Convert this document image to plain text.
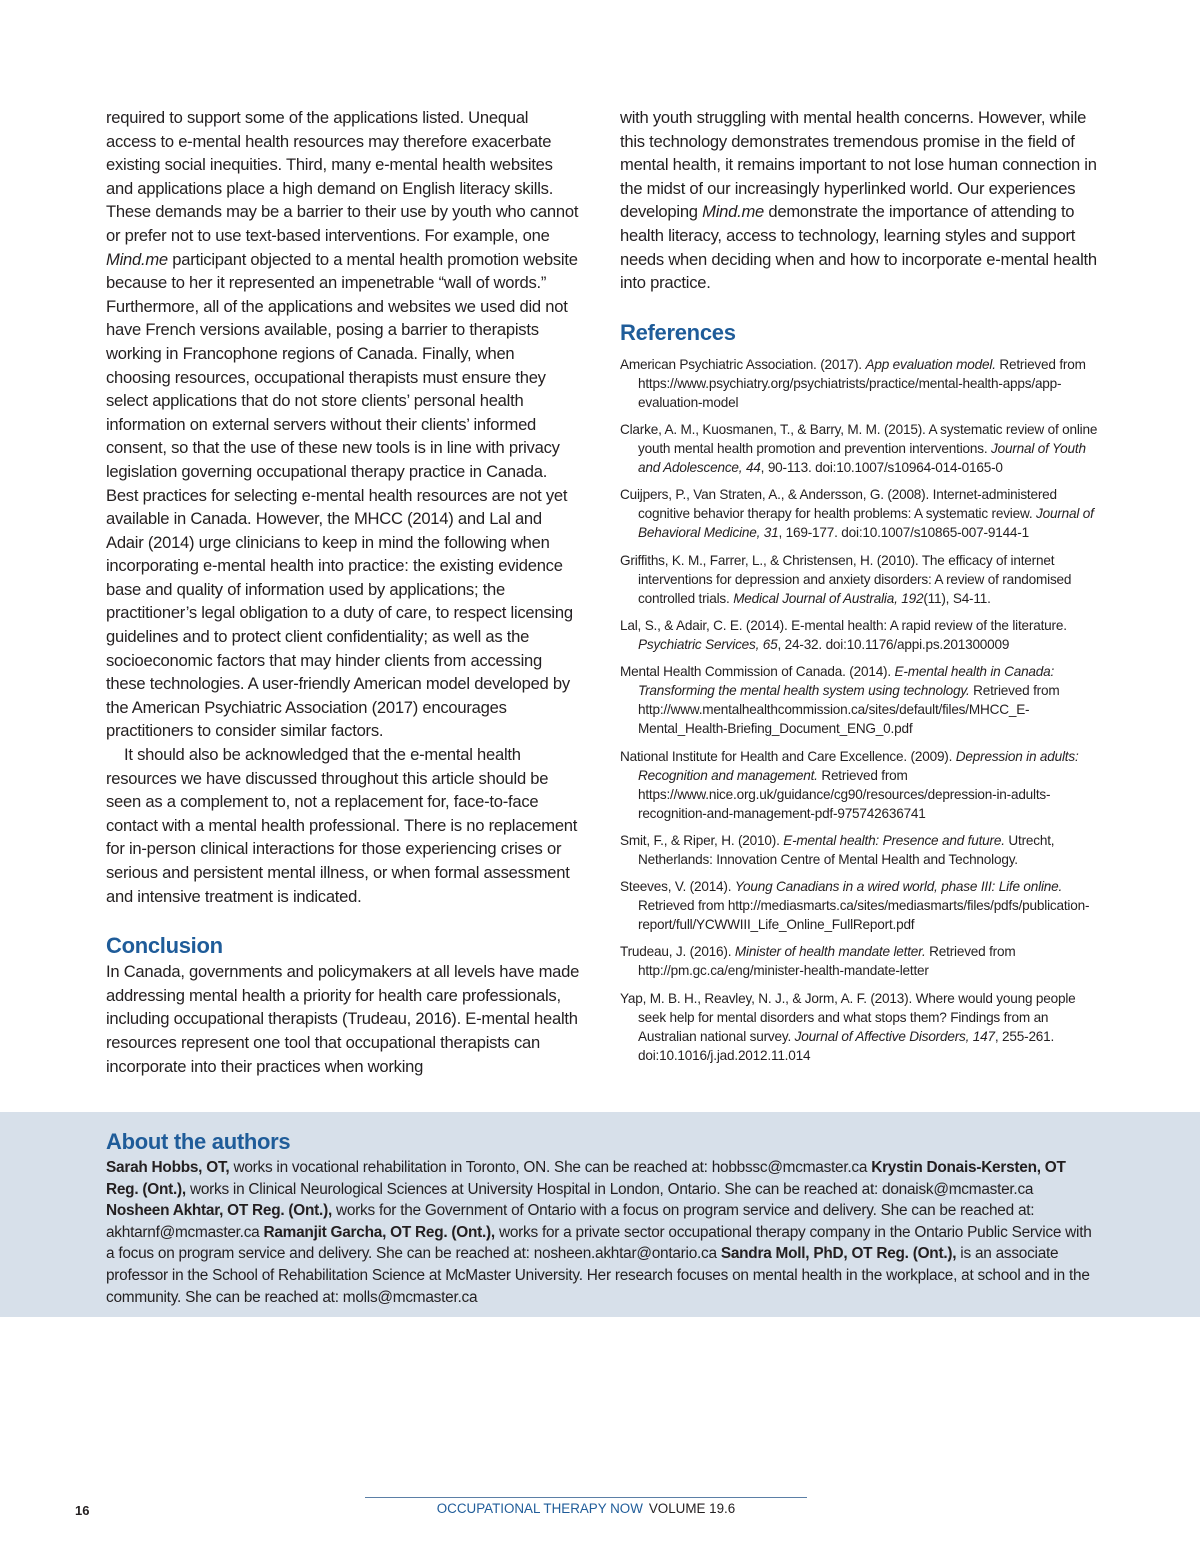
required to support some of the applications listed. Unequal access to e-mental health resources may therefore exacerbate existing social inequities. Third, many e-mental health websites and applications place a high demand on English literacy skills. These demands may be a barrier to their use by youth who cannot or prefer not to use text-based interventions. For example, one Mind.me participant objected to a mental health promotion website because to her it represented an impenetrable “wall of words.” Furthermore, all of the applications and websites we used did not have French versions available, posing a barrier to therapists working in Francophone regions of Canada. Finally, when choosing resources, occupational therapists must ensure they select applications that do not store clients’ personal health information on external servers without their clients’ informed consent, so that the use of these new tools is in line with privacy legislation governing occupational therapy practice in Canada. Best practices for selecting e-mental health resources are not yet available in Canada. However, the MHCC (2014) and Lal and Adair (2014) urge clinicians to keep in mind the following when incorporating e-mental health into practice: the existing evidence base and quality of information used by applications; the practitioner’s legal obligation to a duty of care, to respect licensing guidelines and to protect client confidentiality; as well as the socioeconomic factors that may hinder clients from accessing these technologies. A user-friendly American model developed by the American Psychiatric Association (2017) encourages practitioners to consider similar factors.

It should also be acknowledged that the e-mental health resources we have discussed throughout this article should be seen as a complement to, not a replacement for, face-to-face contact with a mental health professional. There is no replacement for in-person clinical interactions for those experiencing crises or serious and persistent mental illness, or when formal assessment and intensive treatment is indicated.

Conclusion

In Canada, governments and policymakers at all levels have made addressing mental health a priority for health care professionals, including occupational therapists (Trudeau, 2016). E-mental health resources represent one tool that occupational therapists can incorporate into their practices when working

with youth struggling with mental health concerns. However, while this technology demonstrates tremendous promise in the field of mental health, it remains important to not lose human connection in the midst of our increasingly hyperlinked world. Our experiences developing Mind.me demonstrate the importance of attending to health literacy, access to technology, learning styles and support needs when deciding when and how to incorporate e-mental health into practice.

References
American Psychiatric Association. (2017). App evaluation model. Retrieved from https://www.psychiatry.org/psychiatrists/practice/mental-health-apps/app-evaluation-model
Clarke, A. M., Kuosmanen, T., & Barry, M. M. (2015). A systematic review of online youth mental health promotion and prevention interventions. Journal of Youth and Adolescence, 44, 90-113. doi:10.1007/s10964-014-0165-0
Cuijpers, P., Van Straten, A., & Andersson, G. (2008). Internet-administered cognitive behavior therapy for health problems: A systematic review. Journal of Behavioral Medicine, 31, 169-177. doi:10.1007/s10865-007-9144-1
Griffiths, K. M., Farrer, L., & Christensen, H. (2010). The efficacy of internet interventions for depression and anxiety disorders: A review of randomised controlled trials. Medical Journal of Australia, 192(11), S4-11.
Lal, S., & Adair, C. E. (2014). E-mental health: A rapid review of the literature. Psychiatric Services, 65, 24-32. doi:10.1176/appi.ps.201300009
Mental Health Commission of Canada. (2014). E-mental health in Canada: Transforming the mental health system using technology. Retrieved from http://www.mentalhealthcommission.ca/sites/default/files/MHCC_E-Mental_Health-Briefing_Document_ENG_0.pdf
National Institute for Health and Care Excellence. (2009). Depression in adults: Recognition and management. Retrieved from https://www.nice.org.uk/guidance/cg90/resources/depression-in-adults-recognition-and-management-pdf-975742636741
Smit, F., & Riper, H. (2010). E-mental health: Presence and future. Utrecht, Netherlands: Innovation Centre of Mental Health and Technology.
Steeves, V. (2014). Young Canadians in a wired world, phase III: Life online. Retrieved from http://mediasmarts.ca/sites/mediasmarts/files/pdfs/publication-report/full/YCWWIII_Life_Online_FullReport.pdf
Trudeau, J. (2016). Minister of health mandate letter. Retrieved from http://pm.gc.ca/eng/minister-health-mandate-letter
Yap, M. B. H., Reavley, N. J., & Jorm, A. F. (2013). Where would young people seek help for mental disorders and what stops them? Findings from an Australian national survey. Journal of Affective Disorders, 147, 255-261. doi:10.1016/j.jad.2012.11.014
About the authors

Sarah Hobbs, OT, works in vocational rehabilitation in Toronto, ON. She can be reached at: hobbssc@mcmaster.ca Krystin Donais-Kersten, OT Reg. (Ont.), works in Clinical Neurological Sciences at University Hospital in London, Ontario. She can be reached at: donaisk@mcmaster.ca Nosheen Akhtar, OT Reg. (Ont.), works for the Government of Ontario with a focus on program service and delivery. She can be reached at: akhtarnf@mcmaster.ca Ramanjit Garcha, OT Reg. (Ont.), works for a private sector occupational therapy company in the Ontario Public Service with a focus on program service and delivery. She can be reached at: nosheen.akhtar@ontario.ca Sandra Moll, PhD, OT Reg. (Ont.), is an associate professor in the School of Rehabilitation Science at McMaster University. Her research focuses on mental health in the workplace, at school and in the community. She can be reached at: molls@mcmaster.ca

16	OCCUPATIONAL THERAPY NOW VOLUME 19.6
